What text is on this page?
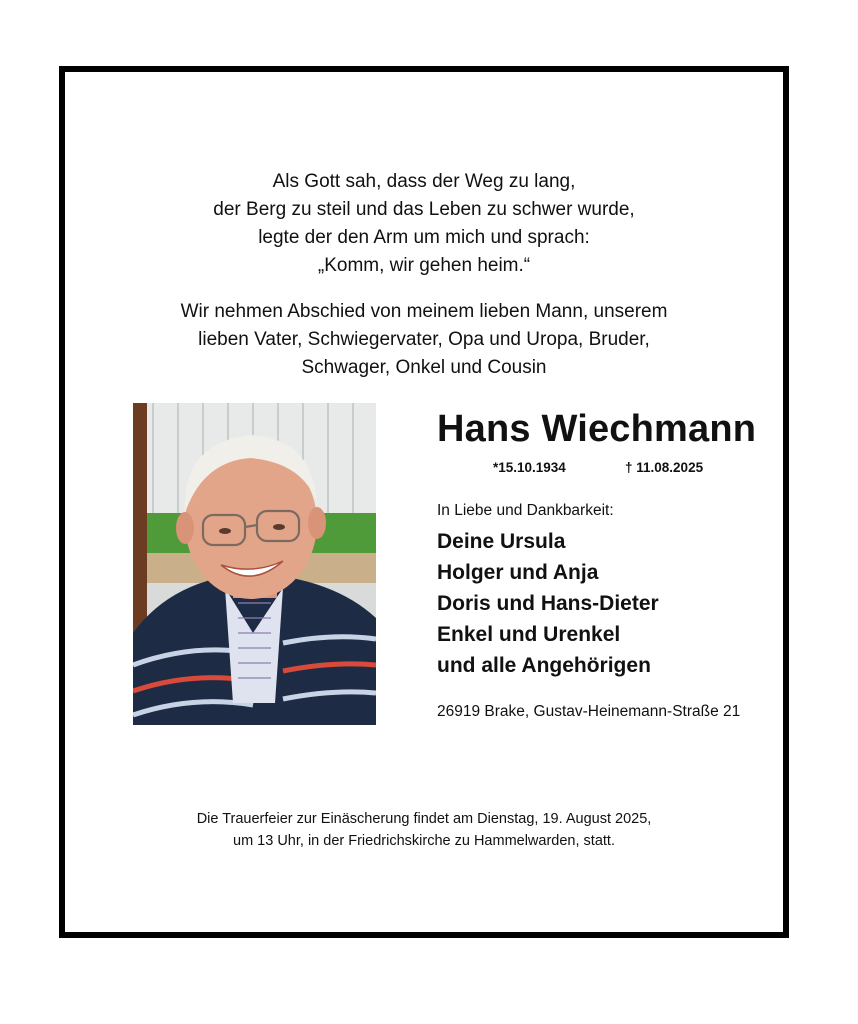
Als Gott sah, dass der Weg zu lang,
der Berg zu steil und das Leben zu schwer wurde,
legte der den Arm um mich und sprach:
„Komm, wir gehen heim.“
Wir nehmen Abschied von meinem lieben Mann, unserem
lieben Vater, Schwiegervater, Opa und Uropa, Bruder,
Schwager, Onkel und Cousin
Hans Wiechmann
*15.10.1934	† 11.08.2025
In Liebe und Dankbarkeit:
Deine Ursula
Holger und Anja
Doris und Hans-Dieter
Enkel und Urenkel
und alle Angehörigen
26919 Brake, Gustav-Heinemann-Straße 21
Die Trauerfeier zur Einäscherung findet am Dienstag, 19. August 2025,
um 13 Uhr, in der Friedrichskirche zu Hammelwarden, statt.
